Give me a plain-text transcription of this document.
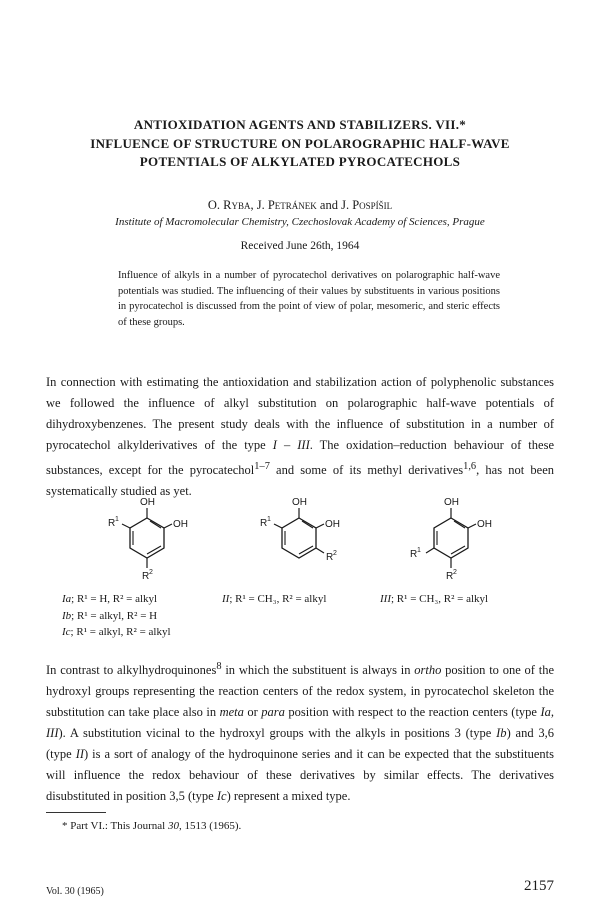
ANTIOXIDATION AGENTS AND STABILIZERS. VII.*
INFLUENCE OF STRUCTURE ON POLAROGRAPHIC HALF-WAVE
POTENTIALS OF ALKYLATED PYROCATECHOLS
O. Ryba, J. Petránek and J. Pospíšil
Institute of Macromolecular Chemistry, Czechoslovak Academy of Sciences, Prague
Received June 26th, 1964
Influence of alkyls in a number of pyrocatechol derivatives on polarographic half-wave potentials was studied. The influencing of their values by substituents in various positions in pyrocatechol is discussed from the point of view of polar, mesomeric, and steric effects of these groups.
In connection with estimating the antioxidation and stabilization action of polyphenolic substances we followed the influence of alkyl substitution on polarographic half-wave potentials of dihydroxybenzenes. The present study deals with the influence of substitution in a number of pyrocatechol alkylderivatives of the type I – III. The oxidation–reduction behaviour of these substances, except for the pyrocatechol$^{1-7}$ and some of its methyl derivatives$^{1,6}$, has not been systematically studied as yet.
OH
OH
R 1
R 2
OH
OH
R 1
R 2
OH
OH
R 1
R 2
Ia; R¹ = H, R² = alkyl	II; R¹ = CH₃, R² = alkyl	III; R¹ = CH₃, R² = alkyl
Ib; R¹ = alkyl, R² = H
Ic; R¹ = alkyl, R² = alkyl
In contrast to alkylhydroquinones$^8$ in which the substituent is always in ortho position to one of the hydroxyl groups representing the reaction centers of the redox system, in pyrocatechol skeleton the substitution can take place also in meta or para position with respect to the reaction centers (type Ia, III). A substitution vicinal to the hydroxyl groups with the alkyls in positions 3 (type Ib) and 3,6 (type II) is a sort of analogy of the hydroquinone series and it can be expected that the substituents will influence the redox behaviour of these derivatives by similar effects. The derivatives disubstituted in position 3,5 (type Ic) represent a mixed type.
* Part VI.: This Journal 30, 1513 (1965).
Vol. 30 (1965)	2157
